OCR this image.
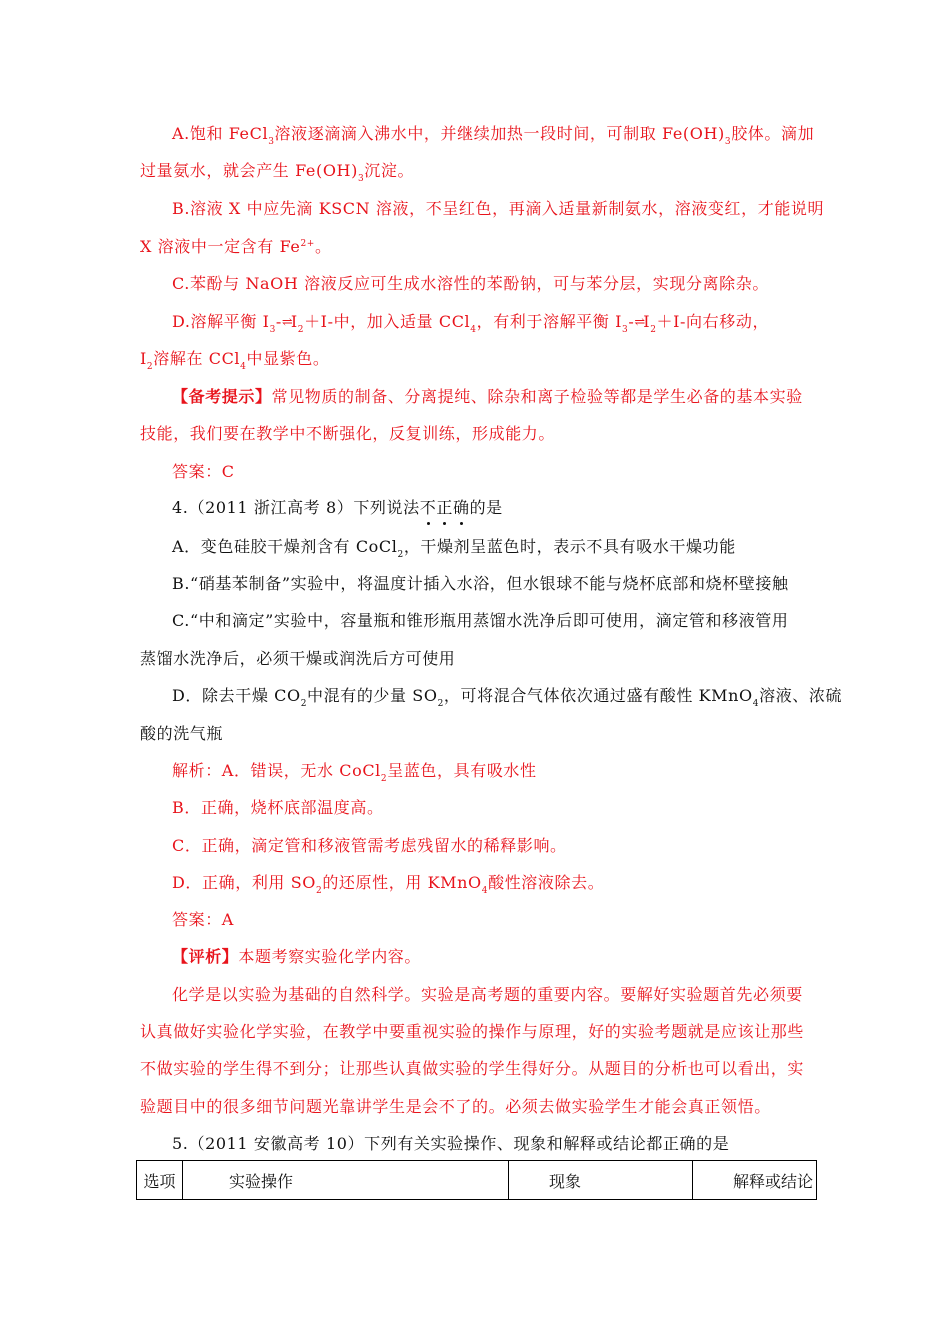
A.饱和 FeCl$_3$溶液逐滴滴入沸水中，并继续加热一段时间，可制取 $Fe(OH)_3$胶体。滴加
过量氨水，就会产生 $Fe(OH)_3$沉淀。
B.溶液 X 中应先滴 KSCN 溶液，不呈红色，再滴入适量新制氨水，溶液变红，才能说明
X 溶液中一定含有 $Fe^{2+}$。
C.苯酚与 NaOH 溶液反应可生成水溶性的苯酚钠，可与苯分层，实现分离除杂。
D.溶解平衡 $I_3-\rightleftharpoons I_2+I-$中，加入适量 CCl$_4$，有利于溶解平衡 $I_3-\rightleftharpoons I_2+I-$向右移动，
$I_2$溶解在 CCl$_4$中显紫色。
【备考提示】常见物质的制备、分离提纯、除杂和离子检验等都是学生必备的基本实验
技能，我们要在教学中不断强化，反复训练，形成能力。
答案：C
4.（2011 浙江高考 8）下列说法不正确的是
A．变色硅胶干燥剂含有 CoCl$_2$，干燥剂呈蓝色时，表示不具有吸水干燥功能
B.“硝基苯制备”实验中，将温度计插入水浴，但水银球不能与烧杯底部和烧杯壁接触
C.“中和滴定”实验中，容量瓶和锥形瓶用蒸馏水洗净后即可使用，滴定管和移液管用
蒸馏水洗净后，必须干燥或润洗后方可使用
D．除去干燥 $CO_2$中混有的少量 $SO_2$，可将混合气体依次通过盛有酸性 KMnO$_4$溶液、浓硫
酸的洗气瓶
解析：A．错误，无水 CoCl$_2$呈蓝色，具有吸水性
B．正确，烧杯底部温度高。
C．正确，滴定管和移液管需考虑残留水的稀释影响。
D．正确，利用 $SO_2$的还原性，用 KMnO$_4$酸性溶液除去。
答案：A
【评析】本题考察实验化学内容。
化学是以实验为基础的自然科学。实验是高考题的重要内容。要解好实验题首先必须要
认真做好实验化学实验，在教学中要重视实验的操作与原理，好的实验考题就是应该让那些
不做实验的学生得不到分；让那些认真做实验的学生得好分。从题目的分析也可以看出，实
验题目中的很多细节问题光靠讲学生是会不了的。必须去做实验学生才能会真正领悟。
5.（2011 安徽高考 10）下列有关实验操作、现象和解释或结论都正确的是
选项	实验操作	现象	解释或结论
